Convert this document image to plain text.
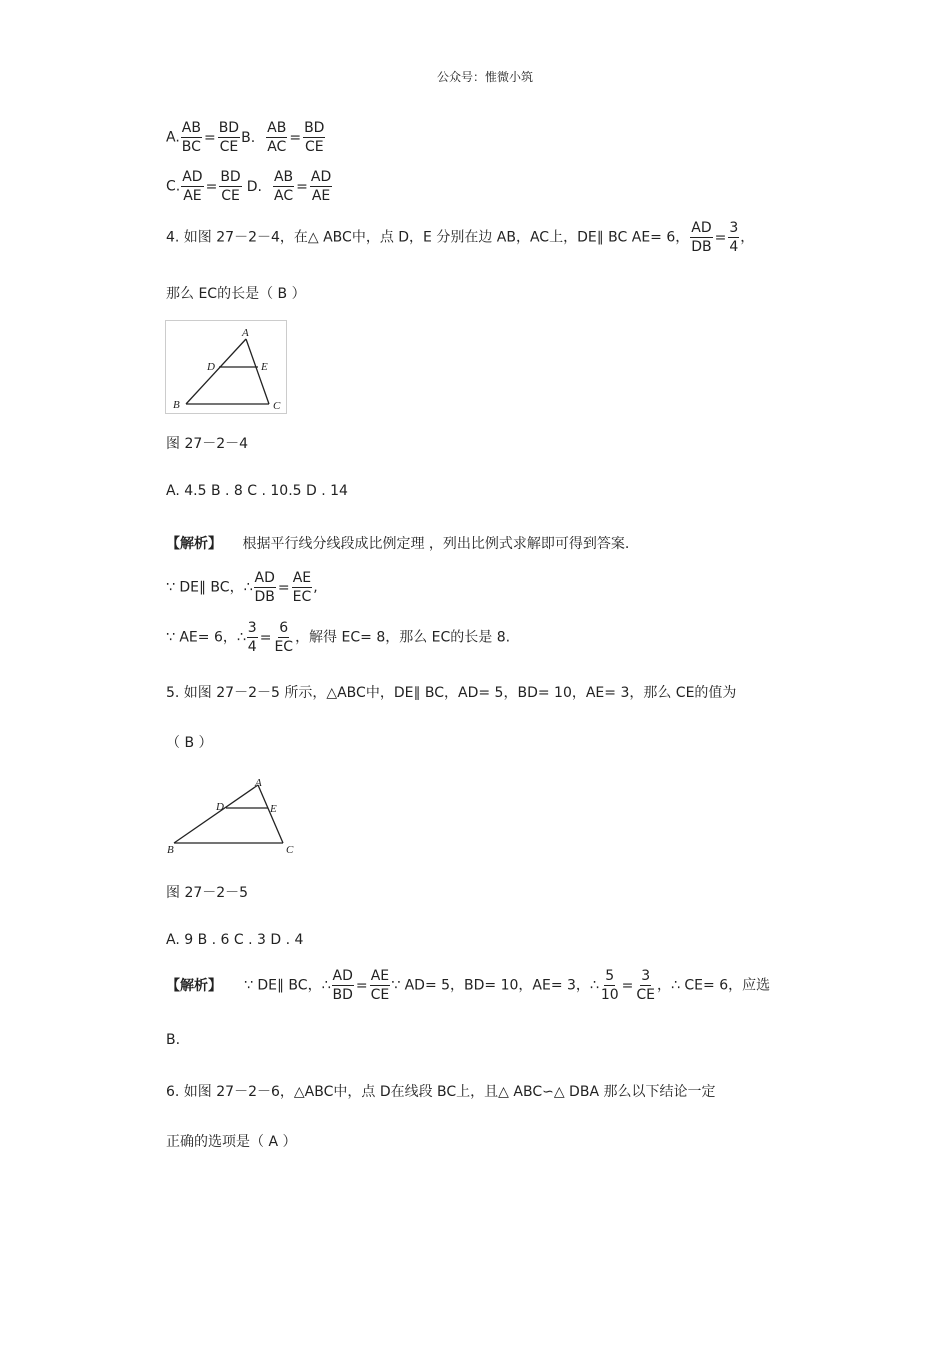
公众号：惟微小筑
A. $\frac{AB}{BC} = \frac{BD}{CE} B$. $\frac{AB}{AC} = \frac{BD}{CE}$
C. $\frac{AD}{AE} = \frac{BD}{CE} D$. $\frac{AB}{AC} = \frac{AD}{AE}$
4. 如图 27－2－4，在△ ABC中，点 D，E 分别在边 AB，AC上，DE∥ BC AE= 6， $\frac{AD}{DB} = \frac{3}{4}$ ，
那么 EC的长是（ B ）
A
D	E
B	C
图 27－2－4
A. 4.5 B . 8 C . 10.5 D . 14
【解析】 根据平行线分线段成比例定理 ，列出比例式求解即可得到答案.
∵ DE∥ BC，∴ $\frac{AD}{DB} = \frac{AE}{EC}$ ,
∵ AE= 6，∴ $\frac{3}{4} = \frac{6}{EC}$ ，解得 EC= 8，那么 EC的长是 8.
5. 如图 27－2－5 所示，△ABC中，DE∥ BC，AD= 5，BD= 10，AE= 3，那么 CE的值为
（ B ）
A
D	E
B	C
图 27－2－5
A. 9 B . 6 C . 3 D . 4
【解析】 ∵ DE∥ BC，∴ $\frac{AD}{BD} = \frac{AE}{CE}$ ∵ AD= 5，BD= 10，AE= 3，∴ $\frac{5}{10} = \frac{3}{CE}$ ，∴ CE= 6，应选
B.
6. 如图 27－2－6，△ABC中，点 D在线段 BC上，且△ ABC∽△ DBA 那么以下结论一定
正确的选项是（ A ）
